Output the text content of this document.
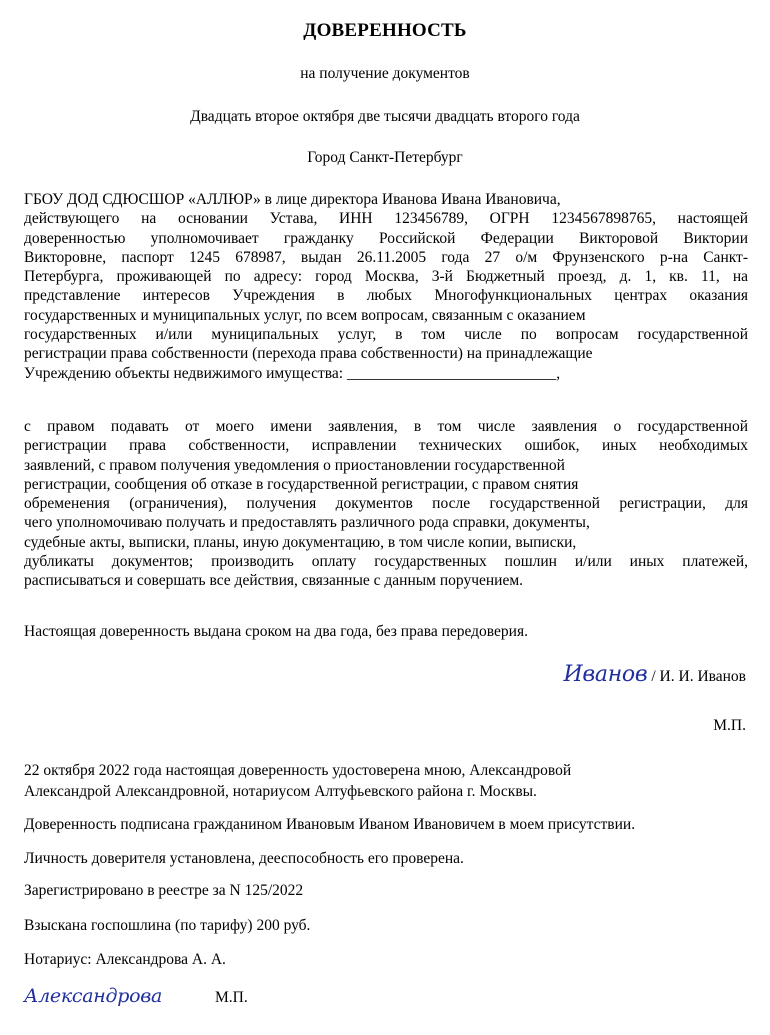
ДОВЕРЕННОСТЬ
на получение документов
Двадцать второе октября две тысячи двадцать второго года
Город Санкт-Петербург
ГБОУ ДОД СДЮСШОР «АЛЛЮР» в лице директора Иванова Ивана Ивановича,
действующего на основании Устава, ИНН 123456789, ОГРН 1234567898765, настоящей
доверенностью уполномочивает гражданку Российской Федерации Викторовой Виктории
Викторовне, паспорт 1245 678987, выдан 26.11.2005 года 27 о/м Фрунзенского р-на Санкт-
Петербурга, проживающей по адресу: город Москва, 3-й Бюджетный проезд, д. 1, кв. 11, на
представление интересов Учреждения в любых Многофункциональных центрах оказания
государственных и муниципальных услуг, по всем вопросам, связанным с оказанием
государственных и/или муниципальных услуг, в том числе по вопросам государственной
регистрации права собственности (перехода права собственности) на принадлежащие
Учреждению объекты недвижимого имущества: ___________________________,
с правом подавать от моего имени заявления, в том числе заявления о государственной
регистрации права собственности, исправлении технических ошибок, иных необходимых
заявлений, с правом получения уведомления о приостановлении государственной
регистрации, сообщения об отказе в государственной регистрации, с правом снятия
обременения (ограничения), получения документов после государственной регистрации, для
чего уполномочиваю получать и предоставлять различного рода справки, документы,
судебные акты, выписки, планы, иную документацию, в том числе копии, выписки,
дубликаты документов; производить оплату государственных пошлин и/или иных платежей,
расписываться и совершать все действия, связанные с данным поручением.
Настоящая доверенность выдана сроком на два года, без права передоверия.
Иванов / И. И. Иванов
М.П.
22 октября 2022 года настоящая доверенность удостоверена мною, Александровой
Александрой Александровной, нотариусом Алтуфьевского района г. Москвы.
Доверенность подписана гражданином Ивановым Иваном Ивановичем в моем присутствии.
Личность доверителя установлена, дееспособность его проверена.
Зарегистрировано в реестре за N 125/2022
Взыскана госпошлина (по тарифу) 200 руб.
Нотариус: Александрова А. А.
Александрова	М.П.
